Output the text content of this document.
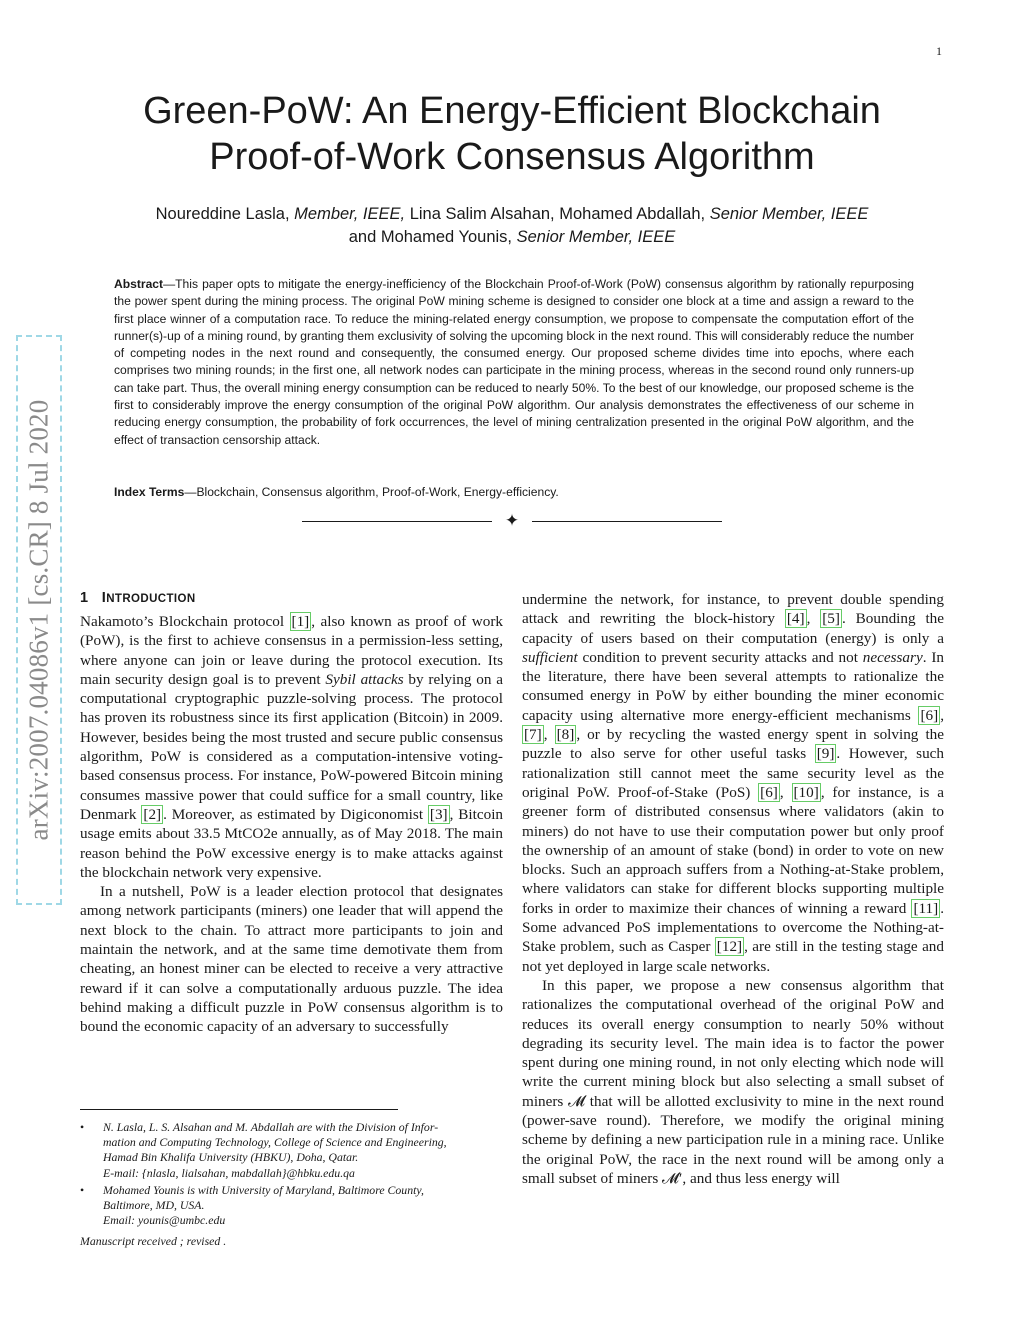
1
arXiv:2007.04086v1 [cs.CR] 8 Jul 2020
Green-PoW: An Energy-Efficient Blockchain
Proof-of-Work Consensus Algorithm
Noureddine Lasla, Member, IEEE, Lina Salim Alsahan, Mohamed Abdallah, Senior Member, IEEE
and Mohamed Younis, Senior Member, IEEE
Abstract—This paper opts to mitigate the energy-inefficiency of the Blockchain Proof-of-Work (PoW) consensus algorithm by rationally repurposing the power spent during the mining process. The original PoW mining scheme is designed to consider one block at a time and assign a reward to the first place winner of a computation race. To reduce the mining-related energy consumption, we propose to compensate the computation effort of the runner(s)-up of a mining round, by granting them exclusivity of solving the upcoming block in the next round. This will considerably reduce the number of competing nodes in the next round and consequently, the consumed energy. Our proposed scheme divides time into epochs, where each comprises two mining rounds; in the first one, all network nodes can participate in the mining process, whereas in the second round only runners-up can take part. Thus, the overall mining energy consumption can be reduced to nearly 50%. To the best of our knowledge, our proposed scheme is the first to considerably improve the energy consumption of the original PoW algorithm. Our analysis demonstrates the effectiveness of our scheme in reducing energy consumption, the probability of fork occurrences, the level of mining centralization presented in the original PoW algorithm, and the effect of transaction censorship attack.
Index Terms—Blockchain, Consensus algorithm, Proof-of-Work, Energy-efficiency.
✦
1 INTRODUCTION

Nakamoto’s Blockchain protocol [1] , also known as proof of work (PoW), is the first to achieve consensus in a permission-less setting, where anyone can join or leave during the protocol execution. Its main security design goal is to prevent Sybil attacks by relying on a computational cryptographic puzzle-solving process. The protocol has proven its robustness since its first application (Bitcoin) in 2009. However, besides being the most trusted and secure public consensus algorithm, PoW is considered as a computation-intensive voting-based consensus process. For instance, PoW-powered Bitcoin mining consumes massive power that could suffice for a small country, like Denmark [2] . Moreover, as estimated by Digiconomist [3] , Bitcoin usage emits about 33.5 MtCO2e annually, as of May 2018. The main reason behind the PoW excessive energy is to make attacks against the blockchain network very expensive.

In a nutshell, PoW is a leader election protocol that designates among network participants (miners) one leader that will append the next block to the chain. To attract more participants to join and maintain the network, and at the same time demotivate them from cheating, an honest miner can be elected to receive a very attractive reward if it can solve a computationally arduous puzzle. The idea behind making a difficult puzzle in PoW consensus algorithm is to bound the economic capacity of an adversary to successfully

undermine the network, for instance, to prevent double spending attack and rewriting the block-history [4] , [5] . Bounding the capacity of users based on their computation (energy) is only a sufficient condition to prevent security attacks and not necessary. In the literature, there have been several attempts to rationalize the consumed energy in PoW by either bounding the miner economic capacity using alternative more energy-efficient mechanisms [6] , [7] , [8] , or by recycling the wasted energy spent in solving the puzzle to also serve for other useful tasks [9] . However, such rationalization still cannot meet the same security level as the original PoW. Proof-of-Stake (PoS) [6] , [10] , for instance, is a greener form of distributed consensus where validators (akin to miners) do not have to use their computation power but only proof the ownership of an amount of stake (bond) in order to vote on new blocks. Such an approach suffers from a Nothing-at-Stake problem, where validators can stake for different blocks supporting multiple forks in order to maximize their chances of winning a reward [11] . Some advanced PoS implementations to overcome the Nothing-at-Stake problem, such as Casper [12] , are still in the testing stage and not yet deployed in large scale networks.

In this paper, we propose a new consensus algorithm that rationalizes the computational overhead of the original PoW and reduces its overall energy consumption to nearly 50% without degrading its security level. The main idea is to factor the power spent during one mining round, in not only electing which node will write the current mining block but also selecting a small subset of miners 𝓜 that will be allotted exclusivity to mine in the next round (power-save round). Therefore, we modify the original mining scheme by defining a new participation rule in a mining race. Unlike the original PoW, the race in the next round will be among only a small subset of miners 𝓜′, and thus less energy will

• N. Lasla, L. S. Alsahan and M. Abdallah are with the Division of Infor-
mation and Computing Technology, College of Science and Engineering,
Hamad Bin Khalifa University (HBKU), Doha, Qatar.
E-mail: {nlasla, lialsahan, mabdallah}@hbku.edu.qa
• Mohamed Younis is with University of Maryland, Baltimore County,
Baltimore, MD, USA.
Email: younis@umbc.edu
Manuscript received ; revised .
